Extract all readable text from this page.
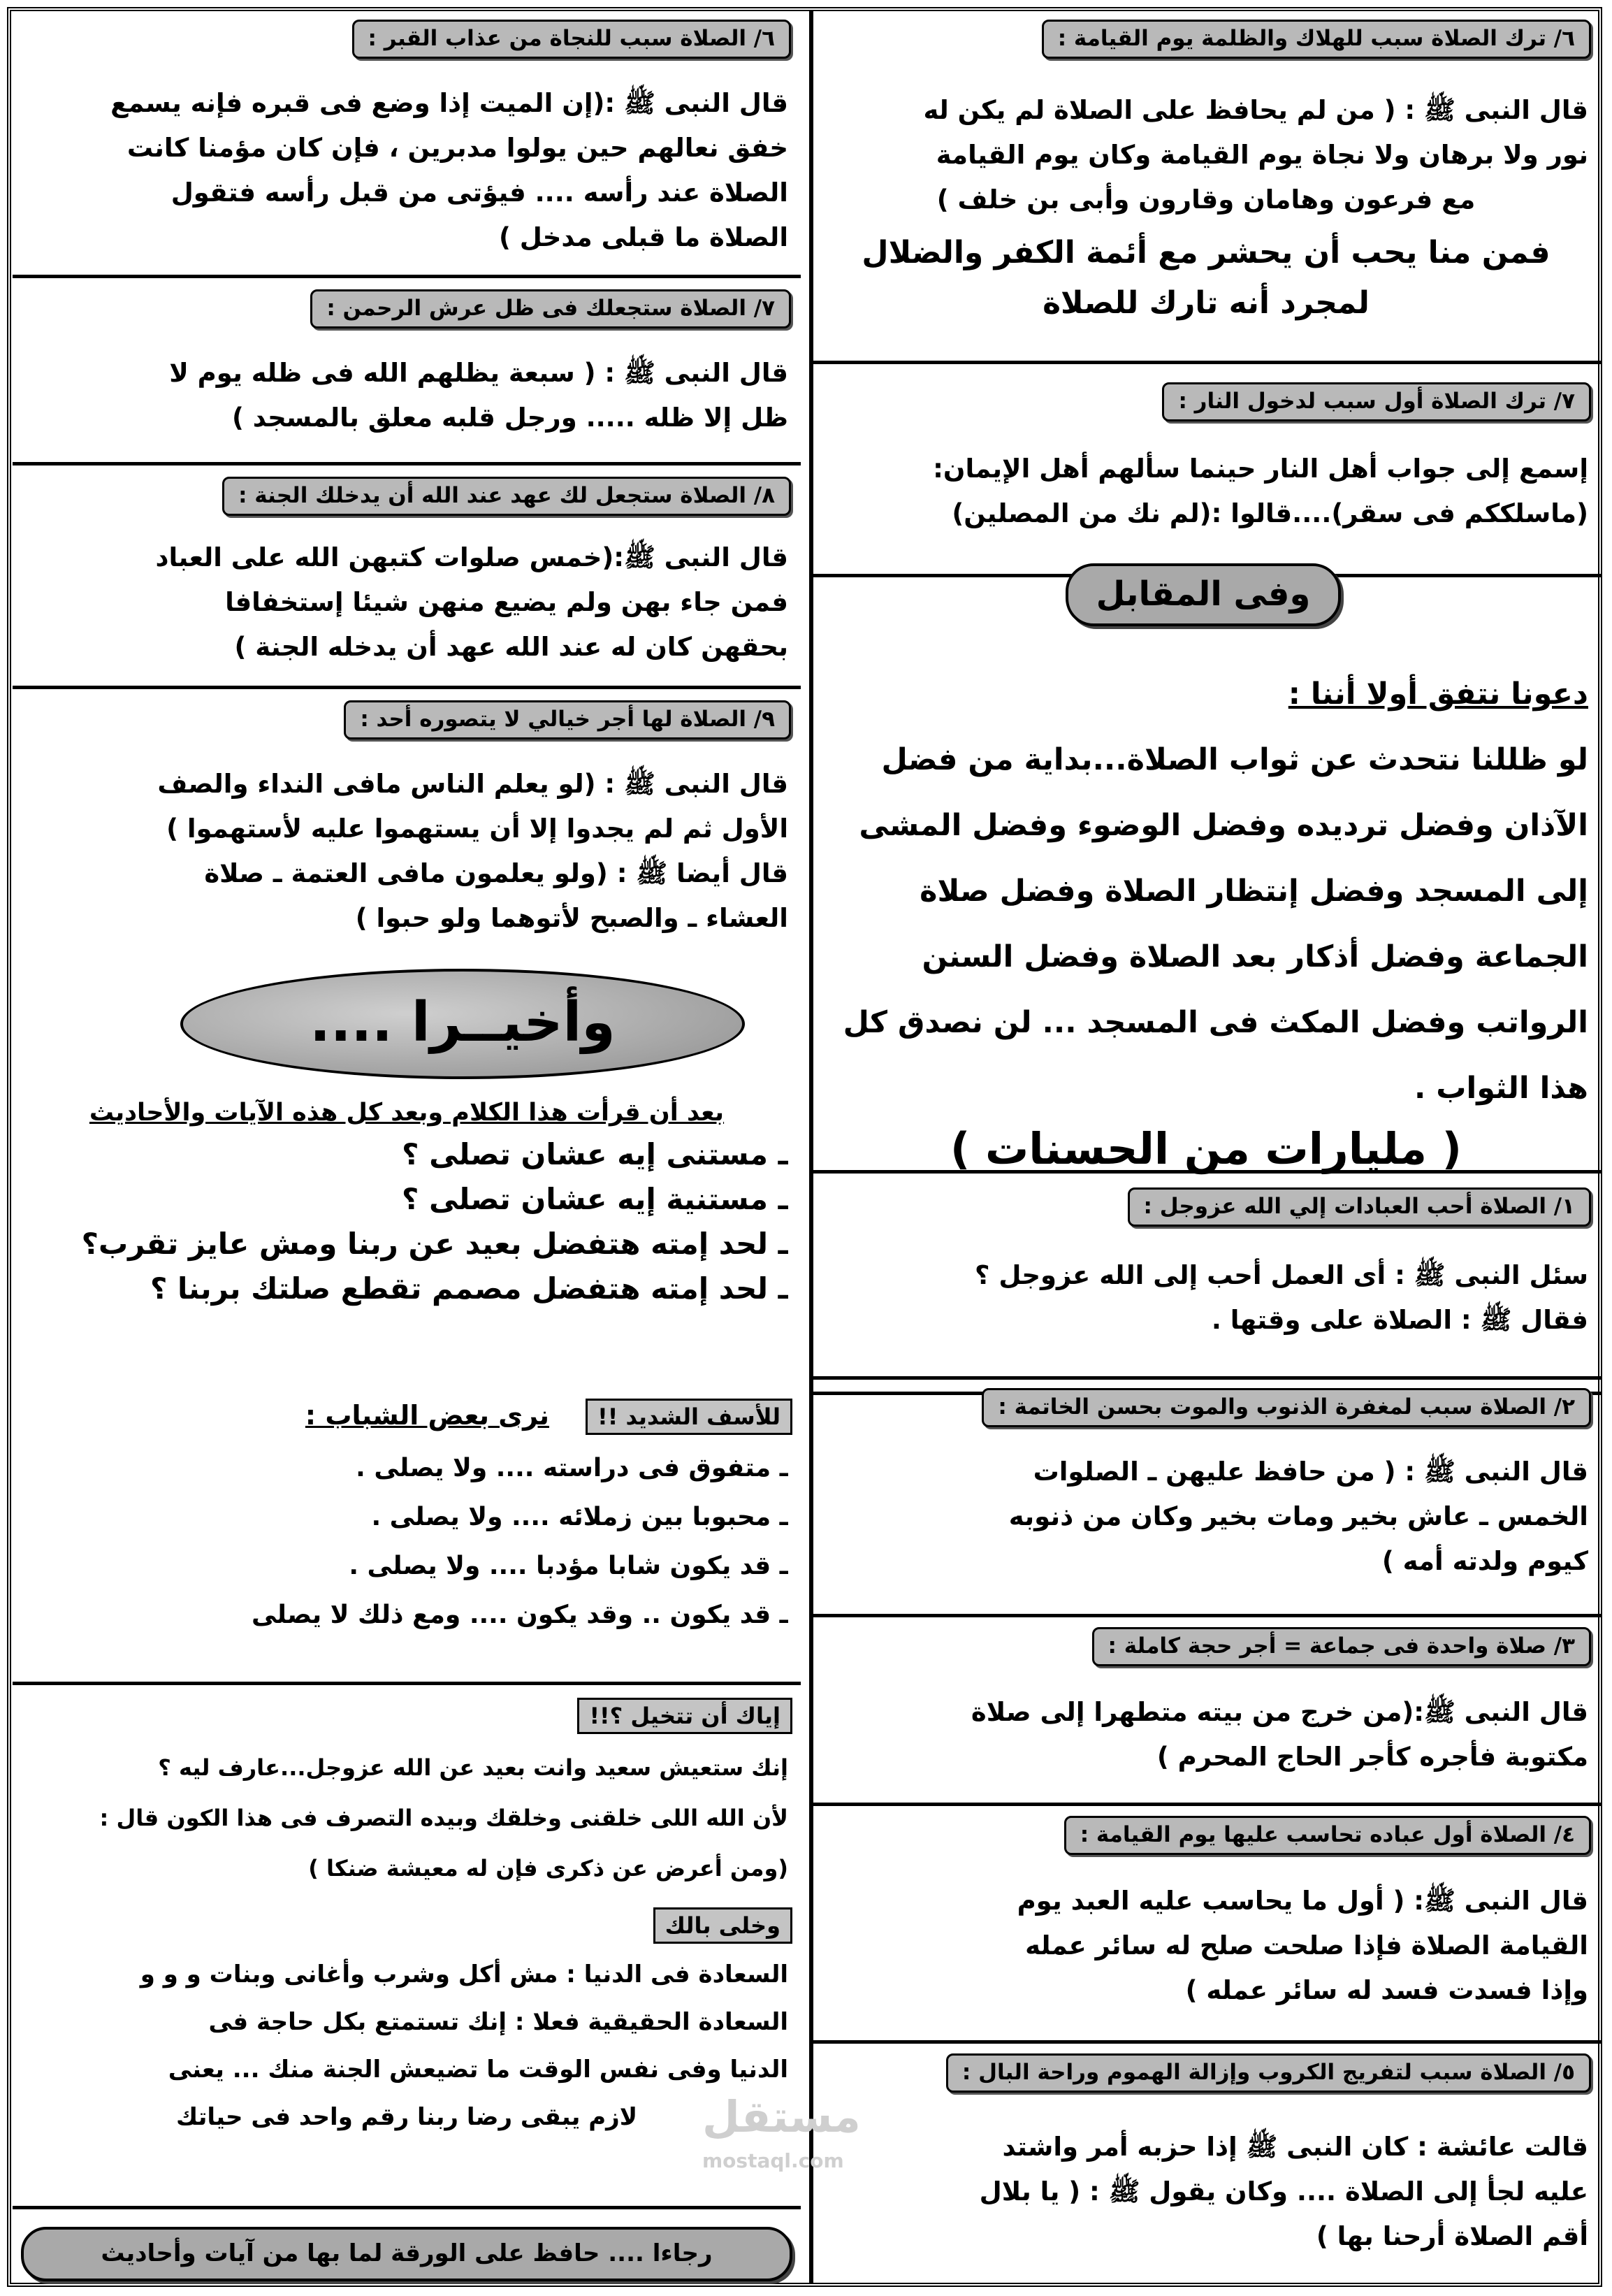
٦/ ترك الصلاة سبب للهلاك والظلمة يوم القيامة :
قال النبى ﷺ : ( من لم يحافظ على الصلاة لم يكن له
نور ولا برهان ولا نجاة يوم القيامة وكان يوم القيامة
مع فرعون وهامان وقارون وأبى بن خلف )
فمن منا يحب أن يحشر مع أئمة الكفر والضلال
لمجرد أنه تارك للصلاة
٧/ ترك الصلاة أول سبب لدخول النار :
إسمع إلى جواب أهل النار حينما سألهم أهل الإيمان:
(ماسلككم فى سقر)....قالوا :(لم نك من المصلين)
وفى المقابل
دعونا نتفق أولا أننا :
لو ظللنا نتحدث عن ثواب الصلاة...بداية من فضل
الآذان وفضل ترديده وفضل الوضوء وفضل المشى
إلى المسجد وفضل إنتظار الصلاة وفضل صلاة
الجماعة وفضل أذكار بعد الصلاة وفضل السنن
الرواتب وفضل المكث فى المسجد ... لن نصدق كل
هذا الثواب .
( مليارات من الحسنات )
١/ الصلاة أحب العبادات إلي الله عزوجل :
سئل النبى ﷺ : أى العمل أحب إلى الله عزوجل ؟
فقال ﷺ : الصلاة على وقتها .
٢/ الصلاة سبب لمغفرة الذنوب والموت بحسن الخاتمة :
قال النبى ﷺ : ( من حافظ عليهن ـ الصلوات
الخمس ـ عاش بخير ومات بخير وكان من ذنوبه
كيوم ولدته أمه )
٣/ صلاة واحدة فى جماعة = أجر حجة كاملة :
قال النبى ﷺ:(من خرج من بيته متطهرا إلى صلاة
مكتوبة فأجره كأجر الحاج المحرم )
٤/ الصلاة أول عباده تحاسب عليها يوم القيامة :
قال النبى ﷺ: ( أول ما يحاسب عليه العبد يوم
القيامة الصلاة فإذا صلحت صلح له سائر عمله
وإذا فسدت فسد له سائر عمله )
٥/ الصلاة سبب لتفريج الكروب وإزالة الهموم وراحة البال :
قالت عائشة : كان النبى ﷺ إذا حزبه أمر واشتد
عليه لجأ إلى الصلاة .... وكان يقول ﷺ : ( يا بلال
أقم الصلاة أرحنا بها )
٦/ الصلاة سبب للنجاة من عذاب القبر :
قال النبى ﷺ :(إن الميت إذا وضع فى قبره فإنه يسمع
خفق نعالهم حين يولوا مدبرين ، فإن كان مؤمنا كانت
الصلاة عند رأسه .... فيؤتى من قبل رأسه فتقول
الصلاة ما قبلى مدخل )
٧/ الصلاة ستجعلك فى ظل عرش الرحمن :
قال النبى ﷺ : ( سبعة يظلهم الله فى ظله يوم لا
ظل إلا ظله ..... ورجل قلبه معلق بالمسجد )
٨/ الصلاة ستجعل لك عهد عند الله أن يدخلك الجنة :
قال النبى ﷺ:(خمس صلوات كتبهن الله على العباد
فمن جاء بهن ولم يضيع منهن شيئا إستخفافا
بحقهن كان له عند الله عهد أن يدخله الجنة )
٩/ الصلاة لها أجر خيالي لا يتصوره أحد :
قال النبى ﷺ : (لو يعلم الناس مافى النداء والصف
الأول ثم لم يجدوا إلا أن يستهموا عليه لأستهموا )
قال أيضا ﷺ : (ولو يعلمون مافى العتمة ـ صلاة
العشاء ـ والصبح لأتوهما ولو حبوا )
وأخيــرا ....
بعد أن قرأت هذا الكلام وبعد كل هذه الآيات والأحاديث
ـ مستنى إيه عشان تصلى ؟
ـ مستنية إيه عشان تصلى ؟
ـ لحد إمته هتفضل بعيد عن ربنا ومش عايز تقرب؟
ـ لحد إمته هتفضل مصمم تقطع صلتك بربنا ؟
للأسف الشديد !!
نرى بعض الشباب :
ـ متفوق فى دراسته .... ولا يصلى .
ـ محبوبا بين زملائه .... ولا يصلى .
ـ قد يكون شابا مؤدبا .... ولا يصلى .
ـ قد يكون .. وقد يكون .... ومع ذلك لا يصلى
إياك أن تتخيل ؟!!
إنك ستعيش سعيد وانت بعيد عن الله عزوجل...عارف ليه ؟
لأن الله اللى خلقنى وخلقك وبيده التصرف فى هذا الكون قال :
(ومن أعرض عن ذكرى فإن له معيشة ضنكا )
وخلى بالك
السعادة فى الدنيا : مش أكل وشرب وأغانى وبنات و و و
السعادة الحقيقية فعلا : إنك تستمتع بكل حاجة فى
الدنيا وفى نفس الوقت ما تضيعش الجنة منك ... يعنى
لازم يبقى رضا ربنا رقم واحد فى حياتك
رجاءا .... حافظ على الورقة لما بها من آيات وأحاديث
مستقل
mostaql.com
